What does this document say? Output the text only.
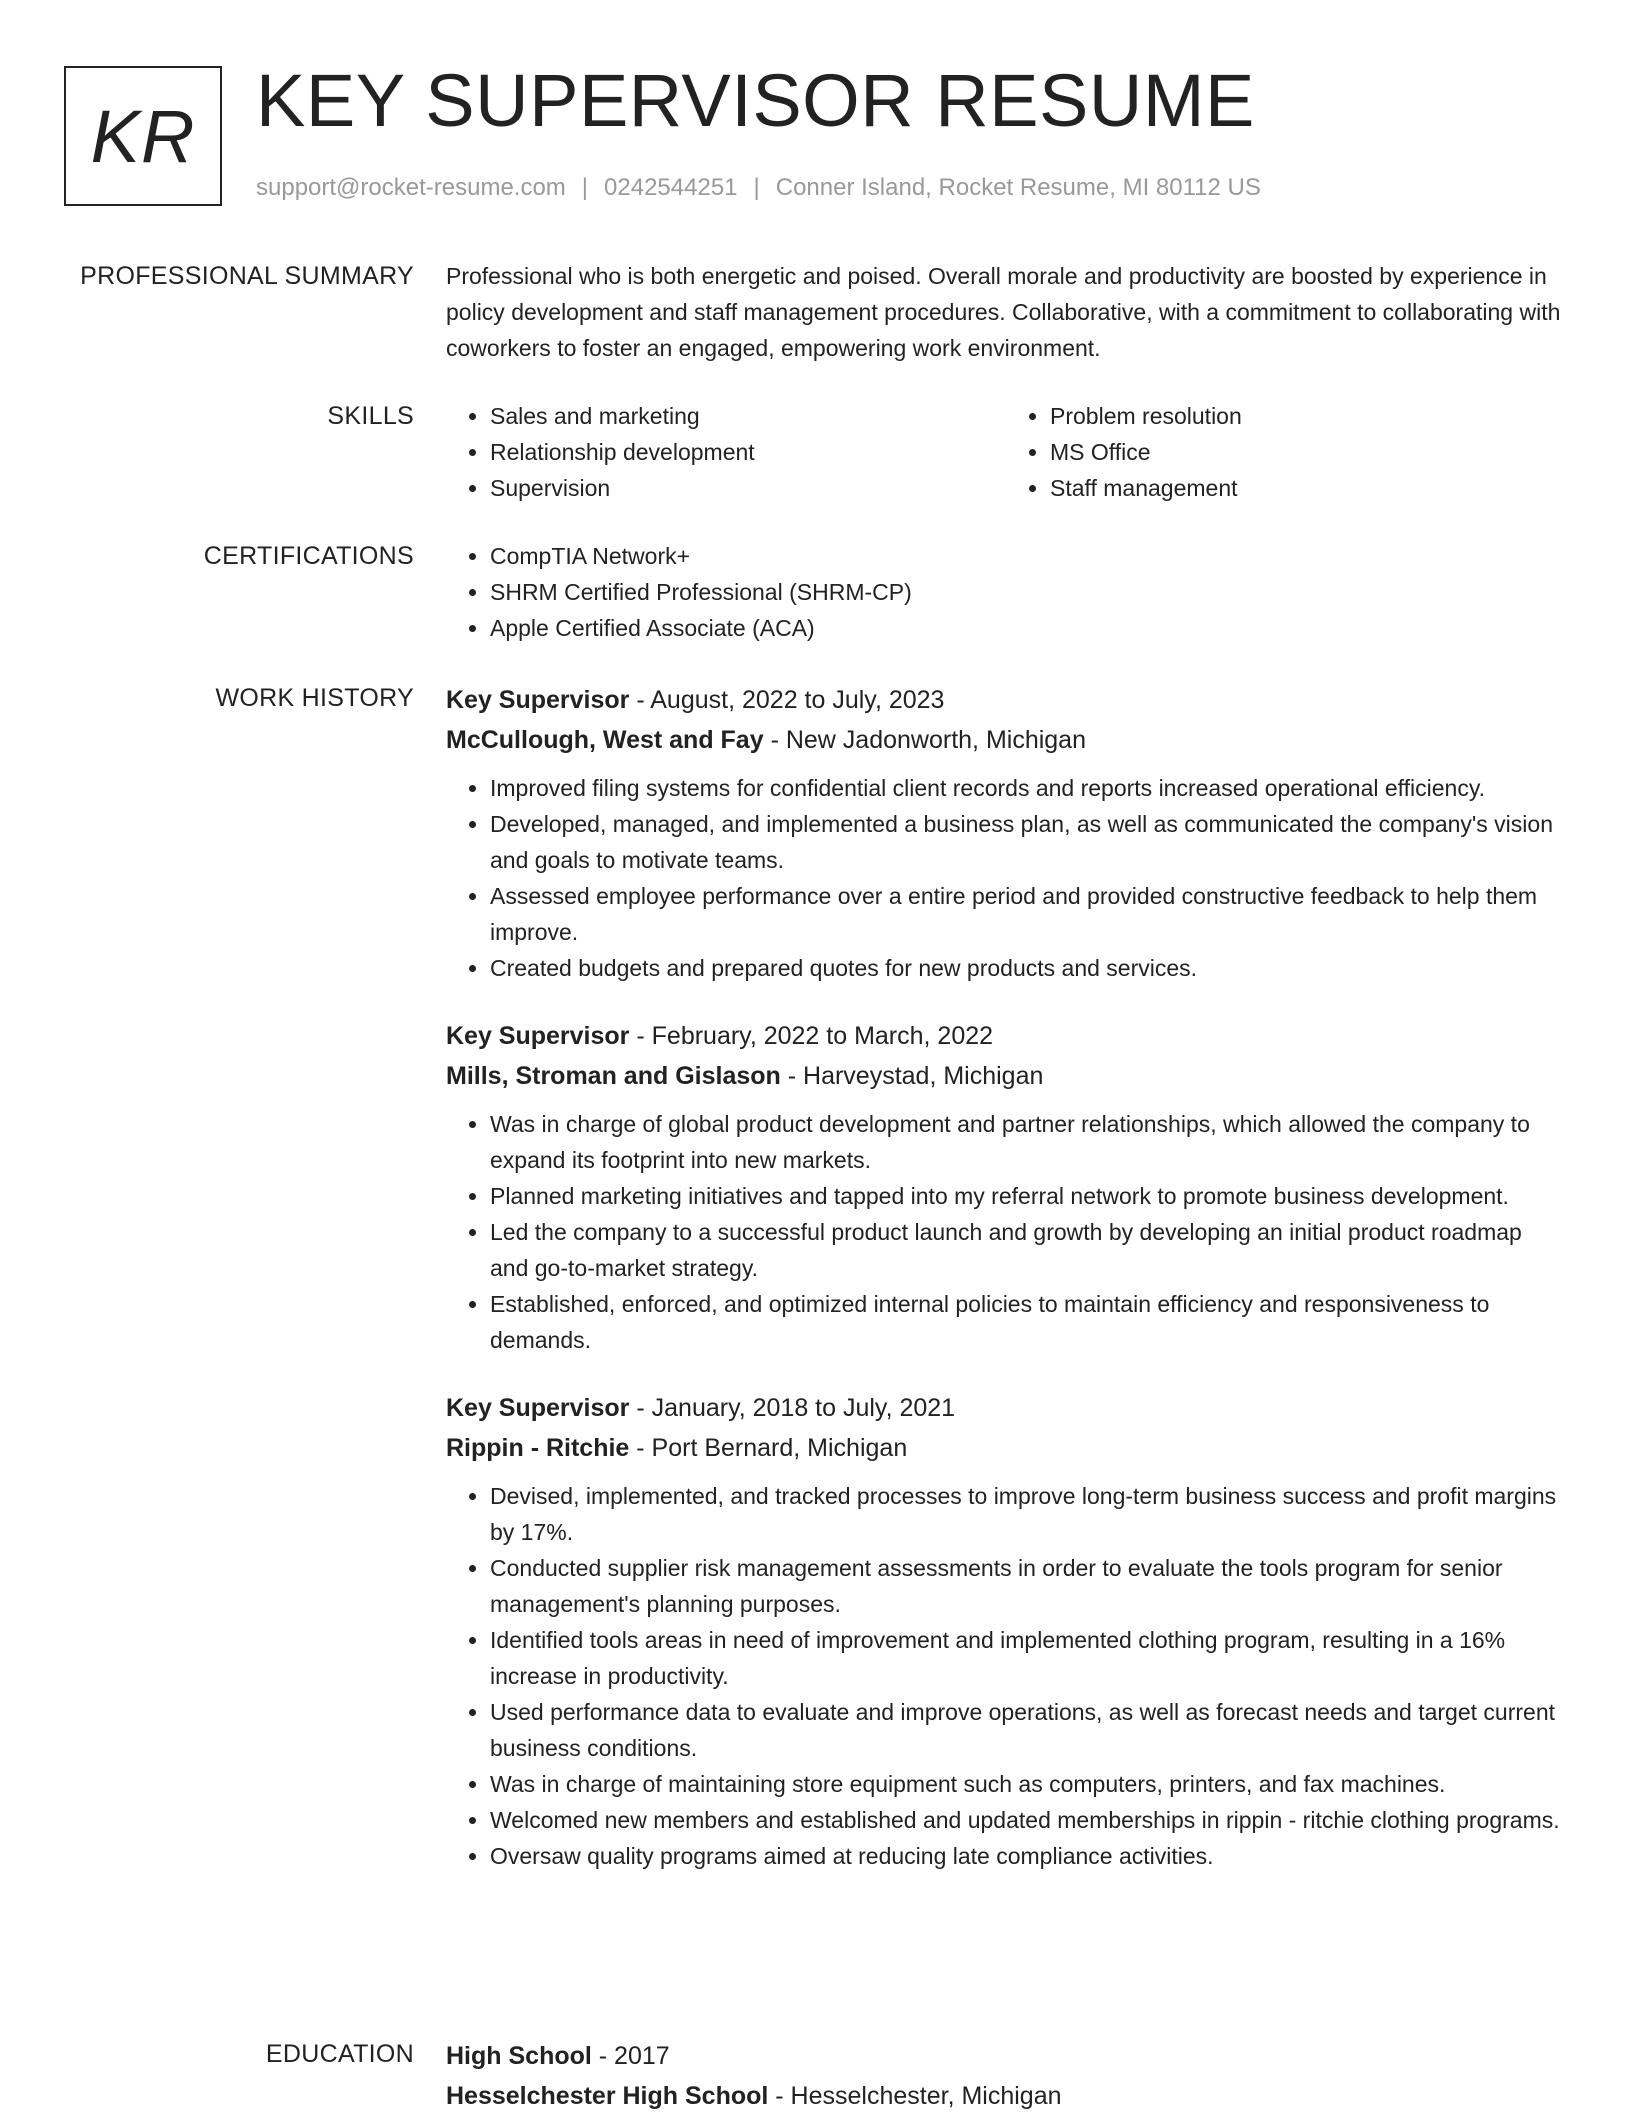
KR KEY SUPERVISOR RESUME
support@rocket-resume.com | 0242544251 | Conner Island, Rocket Resume, MI 80112 US
PROFESSIONAL SUMMARY Professional who is both energetic and poised. Overall morale and productivity are boosted by experience in policy development and staff management procedures. Collaborative, with a commitment to collaborating with coworkers to foster an engaged, empowering work environment.

SKILLS	• Sales and marketing
• Relationship development
• Supervision
• Problem resolution
• MS Office
• Staff management
CERTIFICATIONS	• CompTIA Network+
• SHRM Certified Professional (SHRM-CP)
• Apple Certified Associate (ACA)
WORK HISTORY Key Supervisor - August, 2022 to July, 2023
McCullough, West and Fay - New Jadonworth, Michigan
• Improved filing systems for confidential client records and reports increased operational efficiency.
• Developed, managed, and implemented a business plan, as well as communicated the company's vision and goals to motivate teams.
• Assessed employee performance over a entire period and provided constructive feedback to help them improve.
• Created budgets and prepared quotes for new products and services.
Key Supervisor - February, 2022 to March, 2022
Mills, Stroman and Gislason - Harveystad, Michigan
• Was in charge of global product development and partner relationships, which allowed the company to expand its footprint into new markets.
• Planned marketing initiatives and tapped into my referral network to promote business development.
• Led the company to a successful product launch and growth by developing an initial product roadmap and go-to-market strategy.
• Established, enforced, and optimized internal policies to maintain efficiency and responsiveness to demands.
Key Supervisor - January, 2018 to July, 2021
Rippin - Ritchie - Port Bernard, Michigan
• Devised, implemented, and tracked processes to improve long-term business success and profit margins by 17%.
• Conducted supplier risk management assessments in order to evaluate the tools program for senior management's planning purposes.
• Identified tools areas in need of improvement and implemented clothing program, resulting in a 16% increase in productivity.
• Used performance data to evaluate and improve operations, as well as forecast needs and target current business conditions.
• Was in charge of maintaining store equipment such as computers, printers, and fax machines.
• Welcomed new members and established and updated memberships in rippin - ritchie clothing programs.
• Oversaw quality programs aimed at reducing late compliance activities.
EDUCATION High School - 2017
Hesselchester High School - Hesselchester, Michigan
